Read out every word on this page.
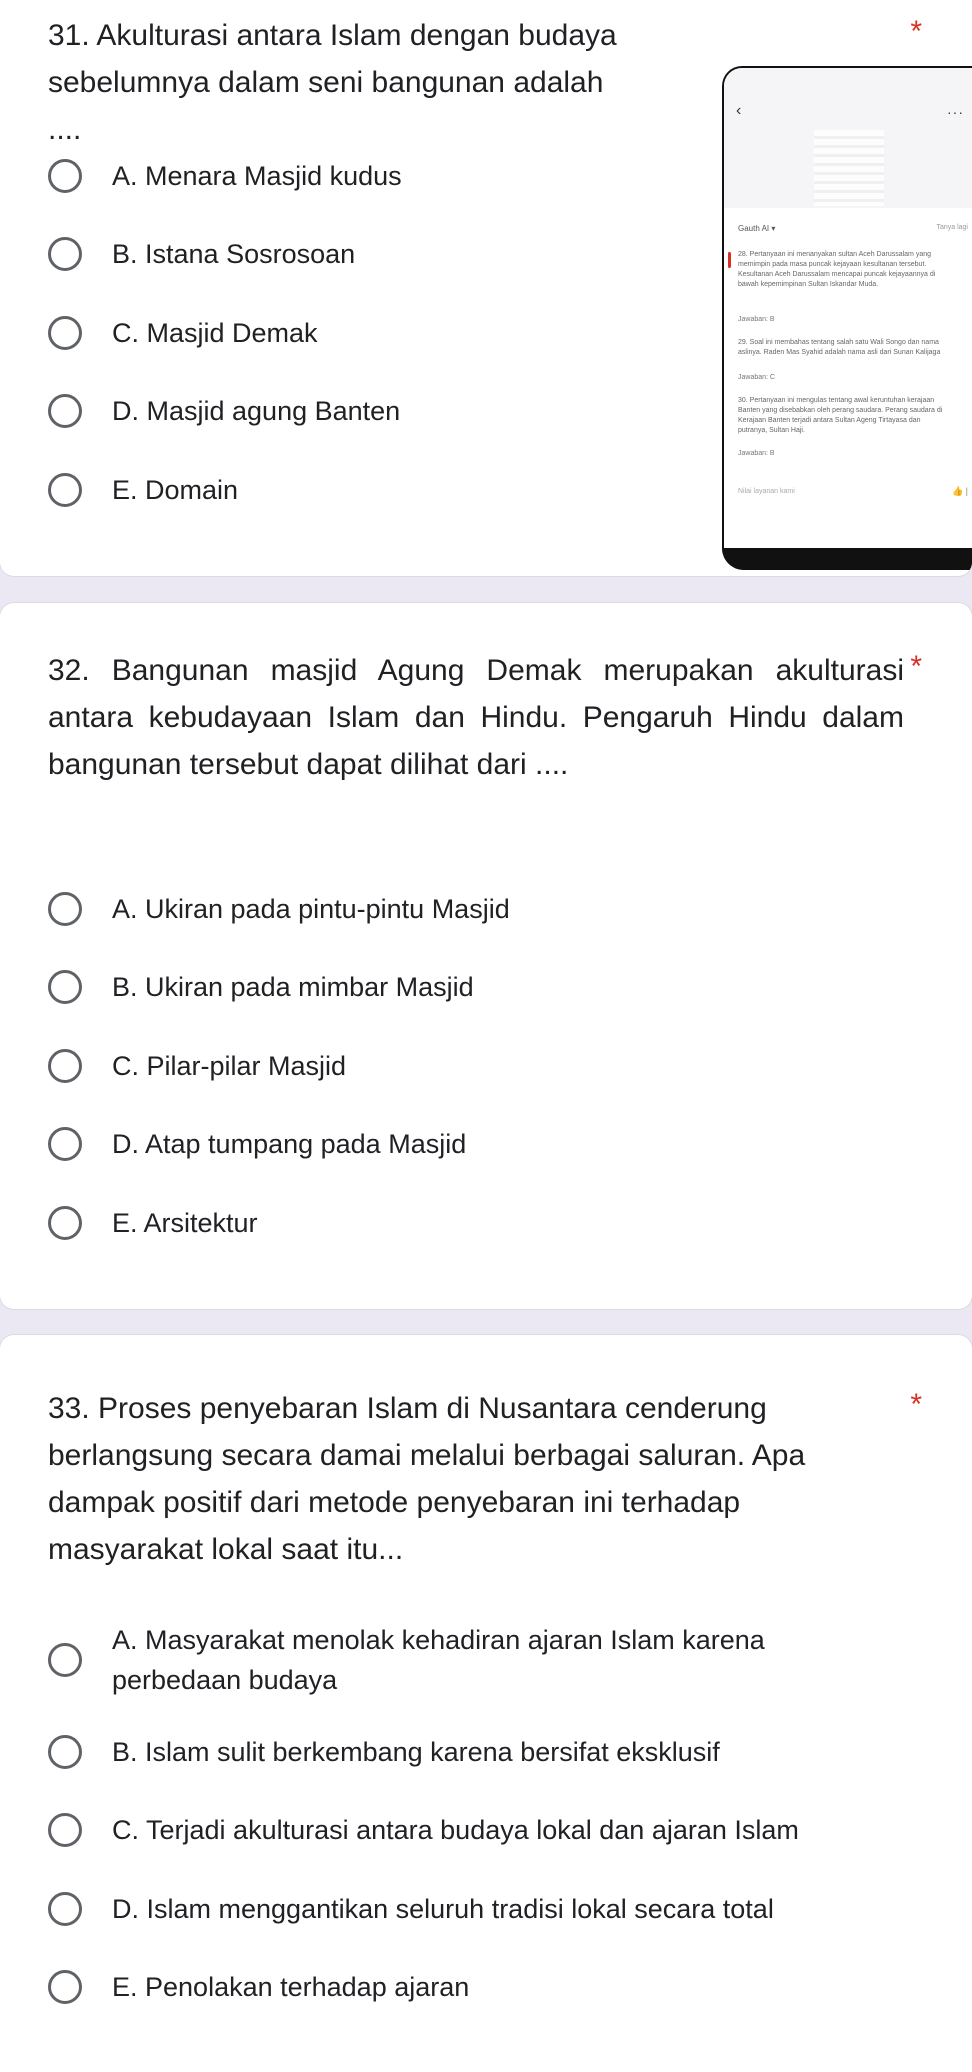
31. Akulturasi antara Islam dengan budaya sebelumnya dalam seni bangunan adalah ....
*
A. Menara Masjid kudus
B. Istana Sosrosoan
C. Masjid Demak
D. Masjid agung Banten
E. Domain
‹	···
Gauth AI ▾	Tanya lagi
28. Pertanyaan ini menanyakan sultan Aceh Darussalam yang
memimpin pada masa puncak kejayaan kesultanan tersebut.
Kesultanan Aceh Darussalam mencapai puncak kejayaannya di
bawah kepemimpinan Sultan Iskandar Muda.
Jawaban: B
29. Soal ini membahas tentang salah satu Wali Songo dan nama
aslinya. Raden Mas Syahid adalah nama asli dari Sunan Kalijaga
Jawaban: C
30. Pertanyaan ini mengulas tentang awal keruntuhan kerajaan
Banten yang disebabkan oleh perang saudara. Perang saudara di
Kerajaan Banten terjadi antara Sultan Ageng Tirtayasa dan
putranya, Sultan Haji.
Jawaban: B
Nilai layanan kami	👍 |
32. Bangunan masjid Agung Demak merupakan akulturasi antara kebudayaan Islam dan Hindu. Pengaruh Hindu dalam bangunan tersebut dapat dilihat dari ....
*
A. Ukiran pada pintu-pintu Masjid
B. Ukiran pada mimbar Masjid
C. Pilar-pilar Masjid
D. Atap tumpang pada Masjid
E. Arsitektur
33. Proses penyebaran Islam di Nusantara cenderung berlangsung secara damai melalui berbagai saluran. Apa dampak positif dari metode penyebaran ini terhadap masyarakat lokal saat itu...
*
A. Masyarakat menolak kehadiran ajaran Islam karena perbedaan budaya
B. Islam sulit berkembang karena bersifat eksklusif
C. Terjadi akulturasi antara budaya lokal dan ajaran Islam
D. Islam menggantikan seluruh tradisi lokal secara total
E. Penolakan terhadap ajaran
